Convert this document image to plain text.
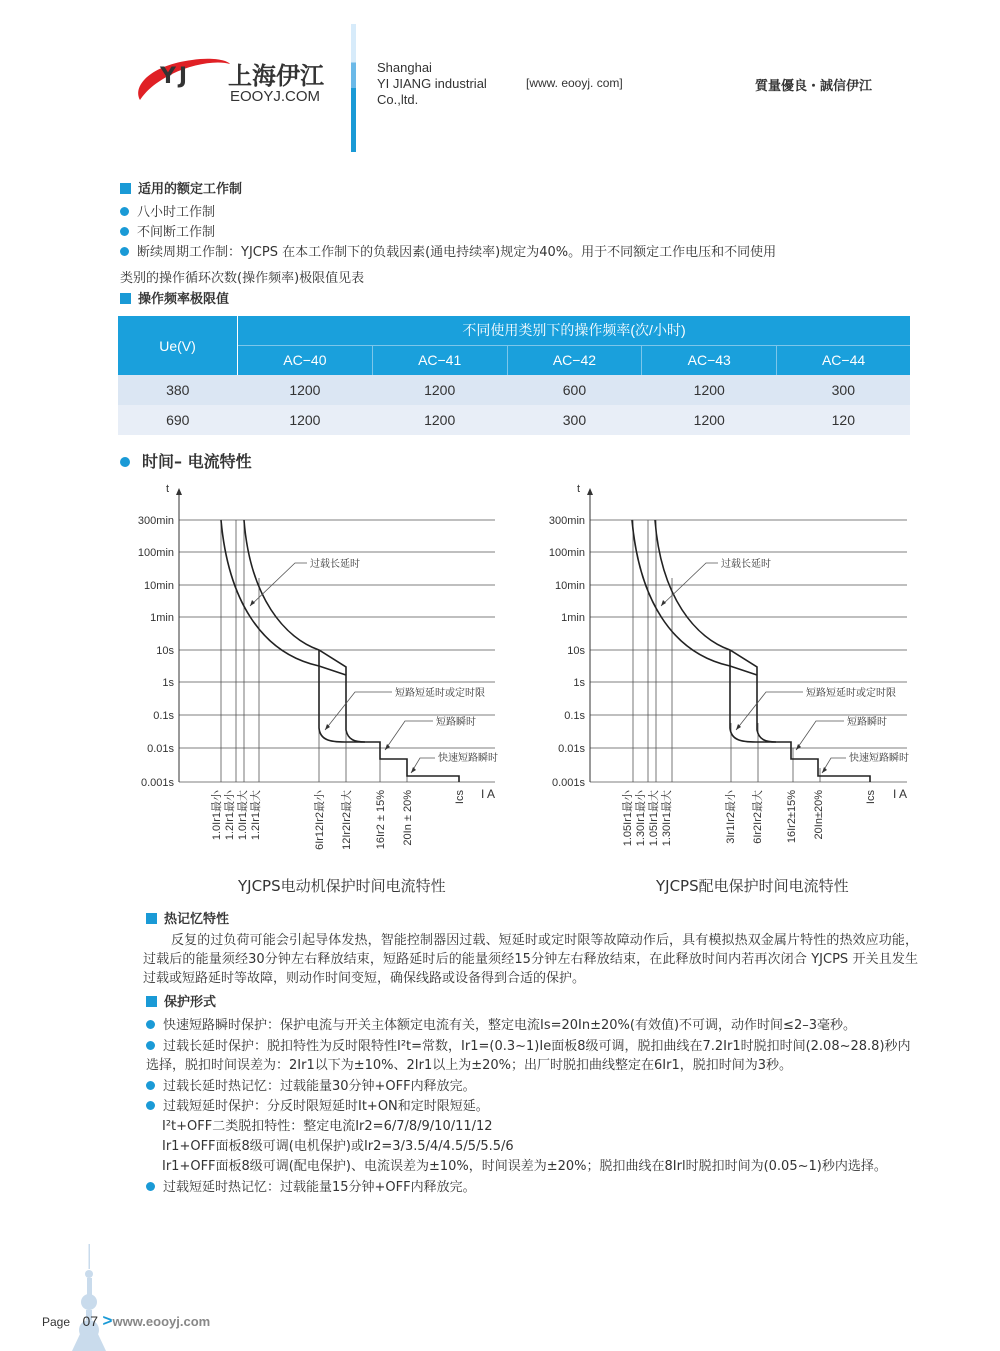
YJ 上海伊江
EOOYJ.COM
Shanghai
YI JIANG industrial
Co.,ltd.
[www. eooyj. com]	質量優良・誠信伊江
适用的额定工作制
八小时工作制
不间断工作制
断续周期工作制：YJCPS 在本工作制下的负载因素(通电持续率)规定为40%。用于不同额定工作电压和不同使用
类别的操作循环次数(操作频率)极限值见表
操作频率极限值
Ue(V)	不同使用类别下的操作频率(次/小时)				
	AC−40	AC−41	AC−42	AC−43	AC−44
380	1200	1200	600	1200	300
690	1200	1200	300	1200	120
时间– 电流特性
300min
100min
10min
1min
10s
1s
0.1s
0.01s
0.001s
t
I A
1.0Ir1最小 1.2Ir1最小 1.0Ir1最大 1.2Ir1最大	6Ir12Ir2最小 12Ir2Ir2最大 16Ir2 ± 15% 20In ± 20%	Ics
过载长延时
短路短延时或定时限
短路瞬时
快速短路瞬时
300min
100min
10min
1min
10s
1s
0.1s
0.01s
0.001s
t
I A
1.05Ir1最小 1.30Ir1最小 1.05Ir1最大 1.30Ir1最大	3Ir1Ir2最小 6Ir2Ir2最大 16Ir2±15% 20In±20%	Ics
过载长延时
短路短延时或定时限
短路瞬时
快速短路瞬时
YJCPS电动机保护时间电流特性	YJCPS配电保护时间电流特性
热记忆特性
反复的过负荷可能会引起导体发热，智能控制器因过载、短延时或定时限等故障动作后，具有模拟热双金属片特性的热效应功能，过载后的能量须经30分钟左右释放结束，短路延时后的能量须经15分钟左右释放结束，在此释放时间内若再次闭合 YJCPS 开关且发生过载或短路延时等故障，则动作时间变短，确保线路或设备得到合适的保护。
保护形式
快速短路瞬时保护：保护电流与开关主体额定电流有关，整定电流Is=20In±20%(有效值)不可调，动作时间≤2–3毫秒。
过载长延时保护：脱扣特性为反时限特性I²t=常数，Ir1=(0.3~1)Ie面板8级可调，脱扣曲线在7.2Ir1时脱扣时间(2.08~28.8)秒内选择，脱扣时间误差为：2Ir1以下为±10%、2Ir1以上为±20%；出厂时脱扣曲线整定在6Ir1，脱扣时间为3秒。
过载长延时热记忆：过载能量30分钟+OFF内释放完。
过载短延时保护：分反时限短延时It+ON和定时限短延。
I²t+OFF二类脱扣特性：整定电流Ir2=6/7/8/9/10/11/12
Ir1+OFF面板8级可调(电机保护)或Ir2=3/3.5/4/4.5/5/5.5/6
Ir1+OFF面板8级可调(配电保护)、电流误差为±10%，时间误差为±20%；脱扣曲线在8Irl时脱扣时间为(0.05~1)秒内选择。
过载短延时热记忆：过载能量15分钟+OFF内释放完。
Page 07 >www.eooyj.com
